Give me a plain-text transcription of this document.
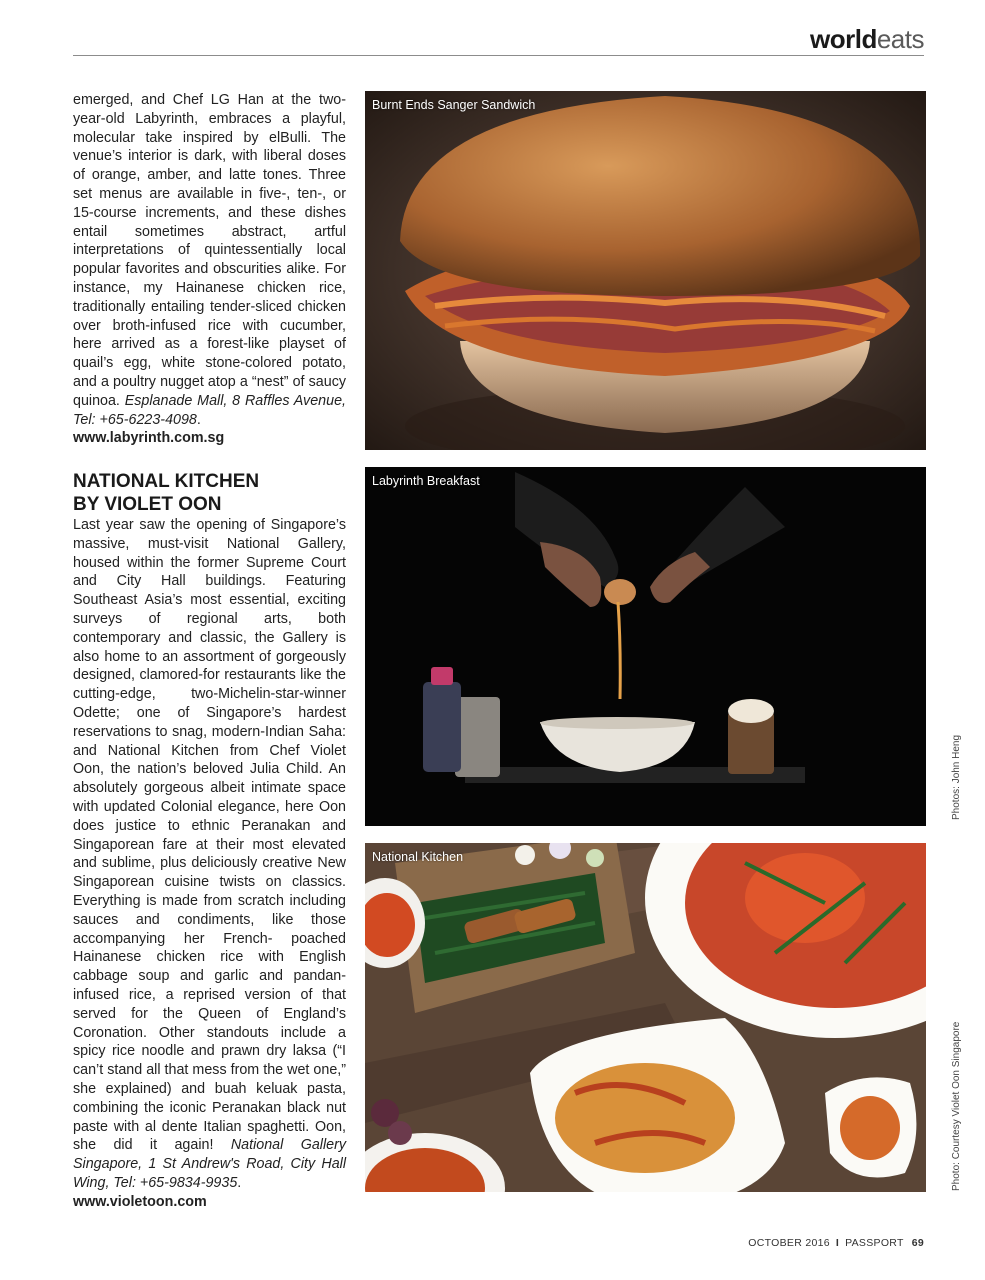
worldeats

emerged, and Chef LG Han at the two-year-old Labyrinth, embraces a playful, molecular take inspired by elBulli. The venue’s interior is dark, with liberal doses of orange, amber, and latte tones. Three set menus are available in five-, ten-, or 15-course increments, and these dishes entail sometimes abstract, artful interpretations of quintessentially local popular favorites and obscurities alike. For instance, my Hainanese chicken rice, traditionally entailing tender-sliced chicken over broth-infused rice with cucumber, here arrived as a forest-like playset of quail’s egg, white stone-colored potato, and a poultry nugget atop a “nest” of saucy quinoa. Esplanade Mall, 8 Raffles Avenue, Tel: +65-6223-4098.
www.labyrinth.com.sg

NATIONAL KITCHEN
BY VIOLET OON

Last year saw the opening of Singapore’s massive, must-visit National Gallery, housed within the former Supreme Court and City Hall buildings. Featuring Southeast Asia’s most essential, exciting surveys of regional arts, both contemporary and classic, the Gallery is also home to an assortment of gorgeously designed, clamored-for restaurants like the cutting-edge, two-Michelin-star-winner Odette; one of Singapore’s hardest reservations to snag, modern-Indian Saha: and National Kitchen from Chef Violet Oon, the nation’s beloved Julia Child. An absolutely gorgeous albeit intimate space with updated Colonial elegance, here Oon does justice to ethnic Peranakan and Singaporean fare at their most elevated and sublime, plus deliciously creative New Singaporean cuisine twists on classics. Everything is made from scratch including sauces and condiments, like those accompanying her French- poached Hainanese chicken rice with English cabbage soup and garlic and pandan-infused rice, a reprised version of that served for the Queen of England’s Coronation. Other standouts include a spicy rice noodle and prawn dry laksa (“I can’t stand all that mess from the wet one,” she explained) and buah keluak pasta, combining the iconic Peranakan black nut paste with al dente Italian spaghetti. Oon, she did it again! National Gallery Singapore, 1 St Andrew's Road, City Hall Wing, Tel: +65-9834-9935.
www.violetoon.com

Burnt Ends Sanger Sandwich
Labyrinth Breakfast
National Kitchen
Photos: John Heng
Photo: Courtesy Violet Oon Singapore
OCTOBER 2016 I PASSPORT 69
